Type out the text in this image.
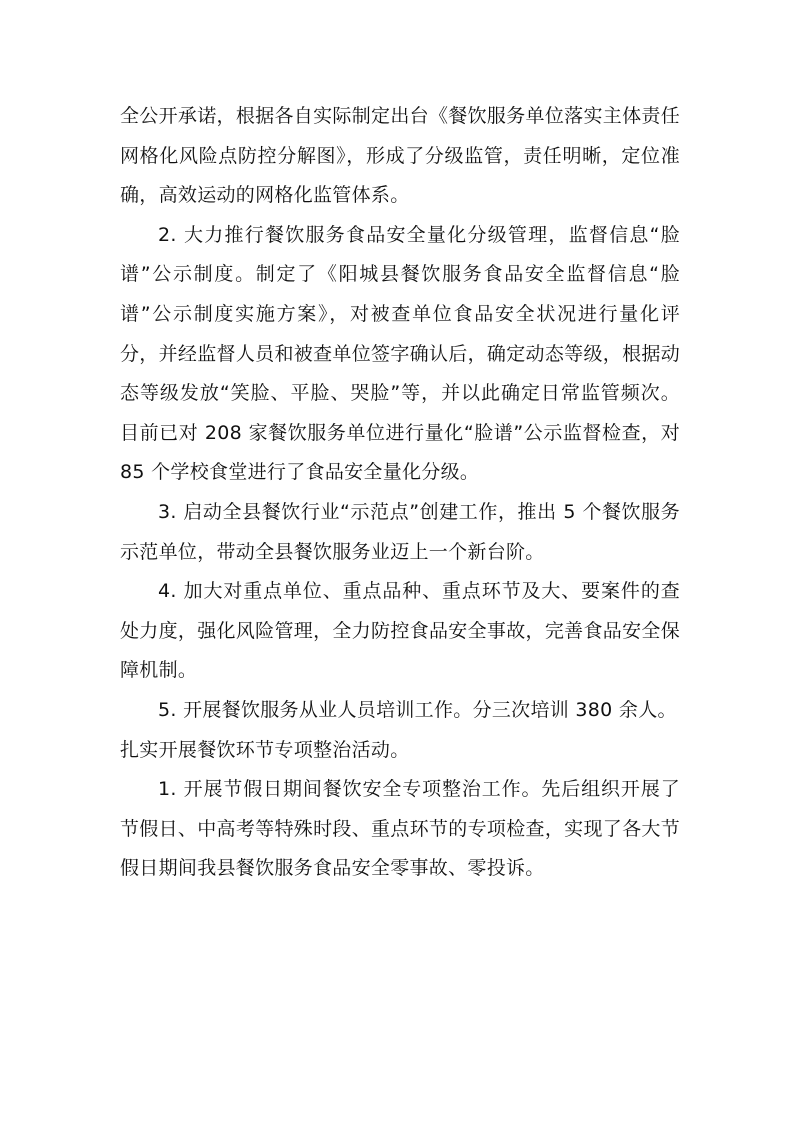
全公开承诺，根据各自实际制定出台《餐饮服务单位落实主体责任网格化风险点防控分解图》，形成了分级监管，责任明晰，定位准确，高效运动的网格化监管体系。

2. 大力推行餐饮服务食品安全量化分级管理，监督信息“脸谱”公示制度。制定了《阳城县餐饮服务食品安全监督信息“脸谱”公示制度实施方案》，对被查单位食品安全状况进行量化评分，并经监督人员和被查单位签字确认后，确定动态等级，根据动态等级发放“笑脸、平脸、哭脸”等，并以此确定日常监管频次。目前已对 208 家餐饮服务单位进行量化“脸谱”公示监督检查，对 85 个学校食堂进行了食品安全量化分级。

3. 启动全县餐饮行业“示范点”创建工作，推出 5 个餐饮服务示范单位，带动全县餐饮服务业迈上一个新台阶。

4. 加大对重点单位、重点品种、重点环节及大、要案件的查处力度，强化风险管理，全力防控食品安全事故，完善食品安全保障机制。

5. 开展餐饮服务从业人员培训工作。分三次培训 380 余人。

扎实开展餐饮环节专项整治活动。

1. 开展节假日期间餐饮安全专项整治工作。先后组织开展了节假日、中高考等特殊时段、重点环节的专项检查，实现了各大节假日期间我县餐饮服务食品安全零事故、零投诉。
